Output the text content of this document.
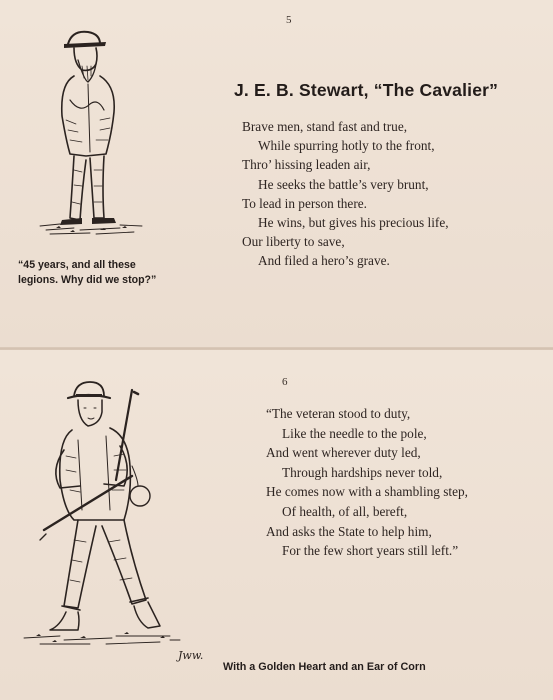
5
“45 years, and all these legions. Why did we stop?”
J. E. B. Stewart, “The Cavalier”
Brave men, stand fast and true,
While spurring hotly to the front,
Thro’ hissing leaden air,
He seeks the battle’s very brunt,
To lead in person there.
He wins, but gives his precious life,
Our liberty to save,
And filed a hero’s grave.
6
Jww.
“The veteran stood to duty,
Like the needle to the pole,
And went wherever duty led,
Through hardships never told,
He comes now with a shambling step,
Of health, of all, bereft,
And asks the State to help him,
For the few short years still left.”
With a Golden Heart and an Ear of Corn
